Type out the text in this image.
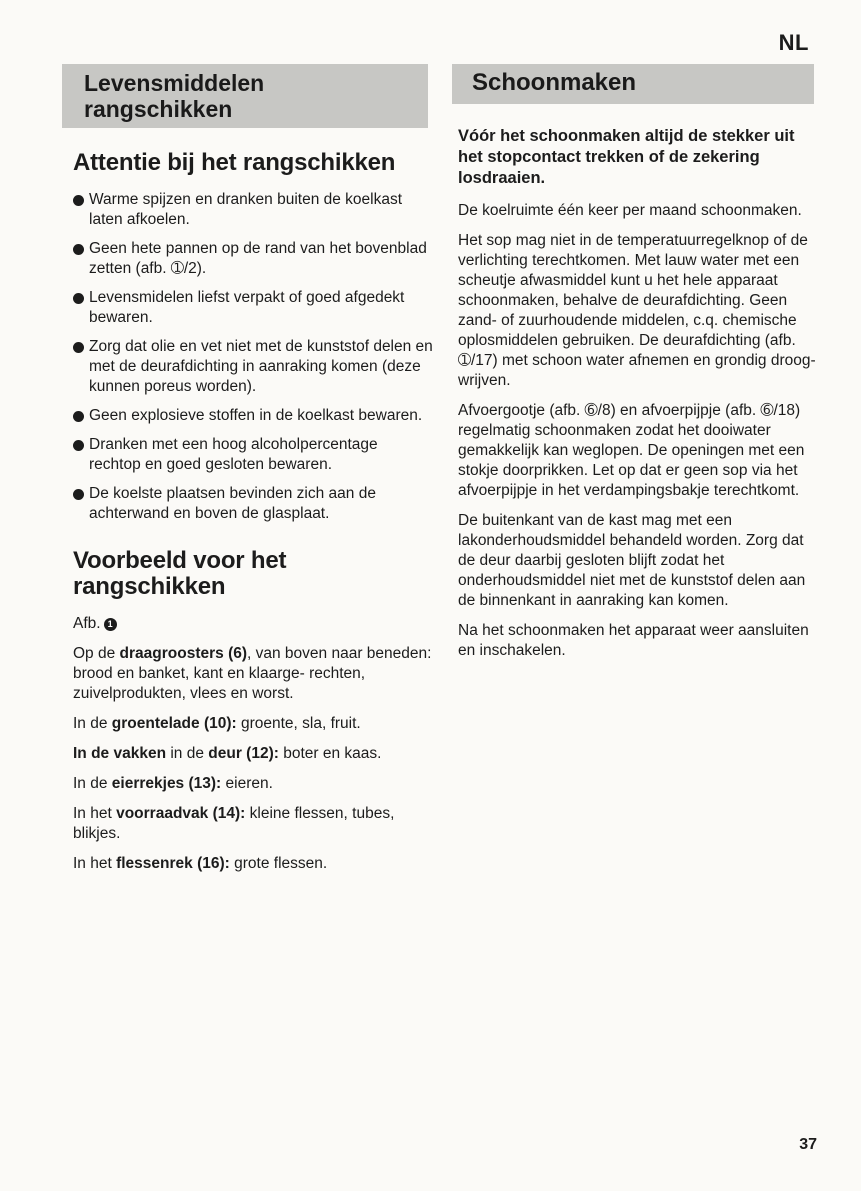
NL
Levensmiddelen
rangschikken
Schoonmaken
Attentie bij het rangschikken
Warme spijzen en dranken buiten de koelkast laten afkoelen.
Geen hete pannen op de rand van het bovenblad zetten (afb. ➀/2).
Levensmidelen liefst verpakt of goed afgedekt bewaren.
Zorg dat olie en vet niet met de kunststof delen en met de deurafdichting in aanraking komen (deze kunnen poreus worden).
Geen explosieve stoffen in de koelkast bewaren.
Dranken met een hoog alcoholpercentage rechtop en goed gesloten bewaren.
De koelste plaatsen bevinden zich aan de achterwand en boven de glasplaat.
Voorbeeld voor het rangschikken

Afb. 1

Op de draagroosters (6), van boven naar beneden: brood en banket, kant en klaarge- rechten, zuivelprodukten, vlees en worst.

In de groentelade (10): groente, sla, fruit.

In de vakken in de deur (12): boter en kaas.

In de eierrekjes (13): eieren.

In het voorraadvak (14): kleine flessen, tubes, blikjes.

In het flessenrek (16): grote flessen.

Vóór het schoonmaken altijd de stekker uit het stopcontact trekken of de zekering losdraaien.

De koelruimte één keer per maand schoonmaken.

Het sop mag niet in de temperatuurregelknop of de verlichting terechtkomen. Met lauw water met een scheutje afwasmiddel kunt u het hele apparaat schoonmaken, behalve de deurafdichting. Geen zand- of zuurhoudende middelen, c.q. chemische oplosmiddelen gebruiken. De deurafdichting (afb. ➀/17) met schoon water afnemen en grondig droog- wrijven.

Afvoergootje (afb. ➅/8) en afvoerpijpje (afb. ➅/18) regelmatig schoonmaken zodat het dooiwater gemakkelijk kan weglopen. De openingen met een stokje doorprikken. Let op dat er geen sop via het afvoerpijpje in het verdampingsbakje terechtkomt.

De buitenkant van de kast mag met een lakonderhoudsmiddel behandeld worden. Zorg dat de deur daarbij gesloten blijft zodat het onderhoudsmiddel niet met de kunststof delen aan de binnenkant in aanraking kan komen.

Na het schoonmaken het apparaat weer aansluiten en inschakelen.

37
